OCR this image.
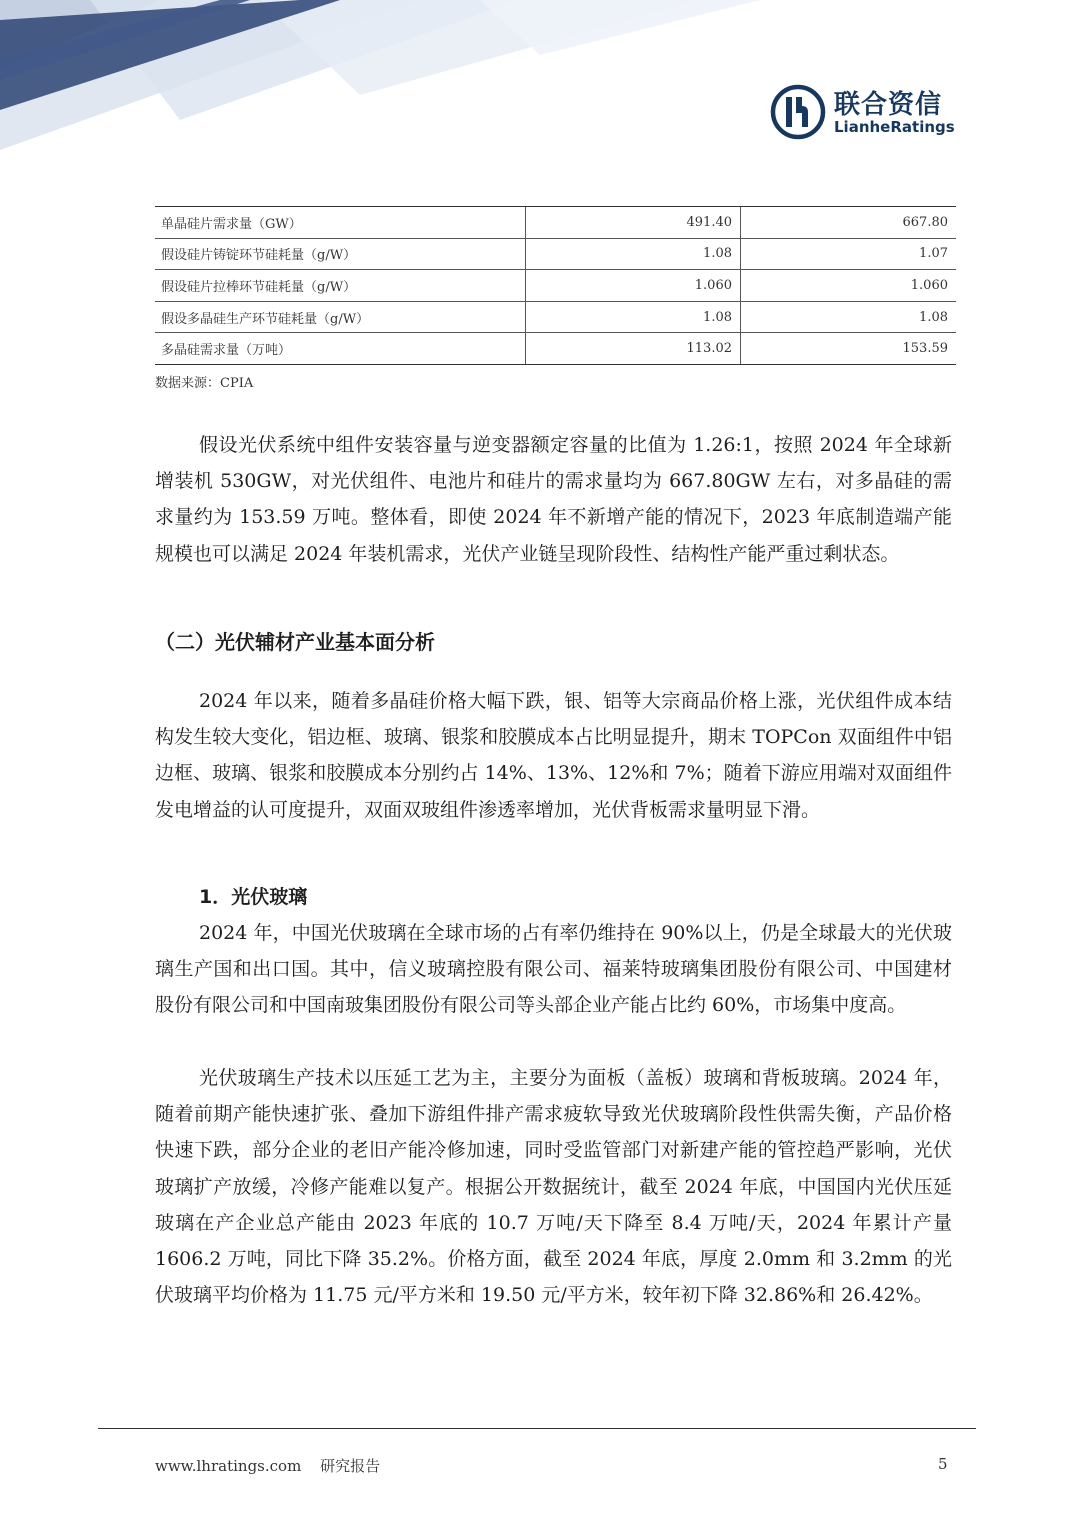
联合资信
LianheRatings
单晶硅片需求量（GW）	491.40	667.80
假设硅片铸锭环节硅耗量（g/W）	1.08	1.07
假设硅片拉棒环节硅耗量（g/W）	1.060	1.060
假设多晶硅生产环节硅耗量（g/W）	1.08	1.08
多晶硅需求量（万吨）	113.02	153.59
数据来源：CPIA

假设光伏系统中组件安装容量与逆变器额定容量的比值为 1.26:1，按照 2024 年全球新增装机 530GW，对光伏组件、电池片和硅片的需求量均为 667.80GW 左右，对多晶硅的需求量约为 153.59 万吨。整体看，即使 2024 年不新增产能的情况下，2023 年底制造端产能规模也可以满足 2024 年装机需求，光伏产业链呈现阶段性、结构性产能严重过剩状态。

（二）光伏辅材产业基本面分析

2024 年以来，随着多晶硅价格大幅下跌，银、铝等大宗商品价格上涨，光伏组件成本结构发生较大变化，铝边框、玻璃、银浆和胶膜成本占比明显提升，期末 TOPCon 双面组件中铝边框、玻璃、银浆和胶膜成本分别约占 14%、13%、12%和 7%；随着下游应用端对双面组件发电增益的认可度提升，双面双玻组件渗透率增加，光伏背板需求量明显下滑。

1．光伏玻璃

2024 年，中国光伏玻璃在全球市场的占有率仍维持在 90%以上，仍是全球最大的光伏玻璃生产国和出口国。其中，信义玻璃控股有限公司、福莱特玻璃集团股份有限公司、中国建材股份有限公司和中国南玻集团股份有限公司等头部企业产能占比约 60%，市场集中度高。

光伏玻璃生产技术以压延工艺为主，主要分为面板（盖板）玻璃和背板玻璃。2024 年，随着前期产能快速扩张、叠加下游组件排产需求疲软导致光伏玻璃阶段性供需失衡，产品价格快速下跌，部分企业的老旧产能冷修加速，同时受监管部门对新建产能的管控趋严影响，光伏玻璃扩产放缓，冷修产能难以复产。根据公开数据统计，截至 2024 年底，中国国内光伏压延玻璃在产企业总产能由 2023 年底的 10.7 万吨/天下降至 8.4 万吨/天，2024 年累计产量 1606.2 万吨，同比下降 35.2%。价格方面，截至 2024 年底，厚度 2.0mm 和 3.2mm 的光伏玻璃平均价格为 11.75 元/平方米和 19.50 元/平方米，较年初下降 32.86%和 26.42%。

www.lhratings.com 研究报告	5
